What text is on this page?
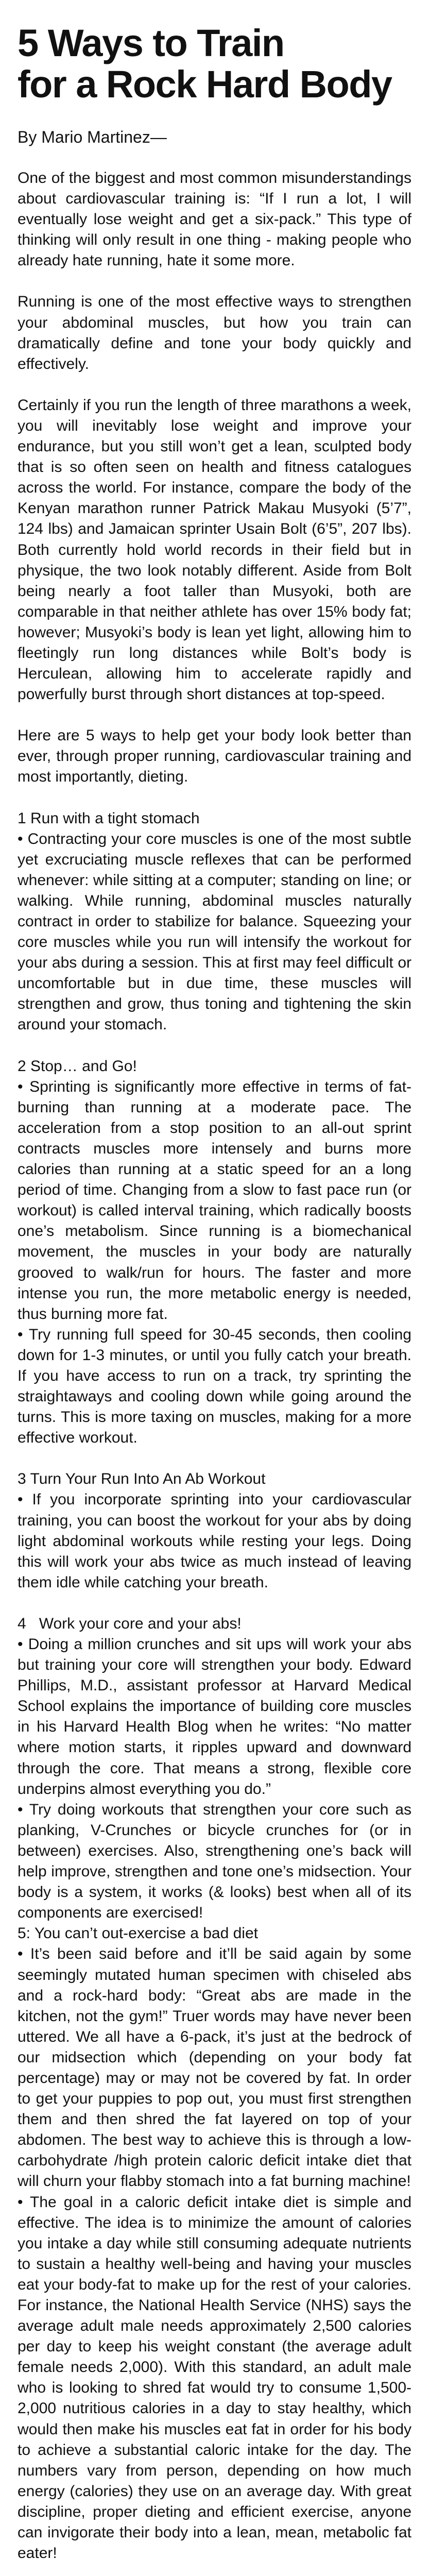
5 Ways to Train
for a Rock Hard Body

By Mario Martinez—

One of the biggest and most common misunderstandings about cardiovascular training is: “If I run a lot, I will eventually lose weight and get a six-pack.” This type of thinking will only result in one thing - making people who already hate running, hate it some more.

Running is one of the most effective ways to strengthen your abdominal muscles, but how you train can dramatically define and tone your body quickly and effectively.

Certainly if you run the length of three marathons a week, you will inevitably lose weight and improve your endurance, but you still won’t get a lean, sculpted body that is so often seen on health and fitness catalogues across the world. For instance, compare the body of the Kenyan marathon runner Patrick Makau Musyoki (5’7”, 124 lbs) and Jamaican sprinter Usain Bolt (6’5”, 207 lbs). Both currently hold world records in their field but in physique, the two look notably different. Aside from Bolt being nearly a foot taller than Musyoki, both are comparable in that neither athlete has over 15% body fat; however; Musyoki’s body is lean yet light, allowing him to fleetingly run long distances while Bolt’s body is Herculean, allowing him to accelerate rapidly and powerfully burst through short distances at top-speed.

Here are 5 ways to help get your body look better than ever, through proper running, cardiovascular training and most importantly, dieting.

1 Run with a tight stomach

• Contracting your core muscles is one of the most subtle yet excruciating muscle reflexes that can be performed whenever: while sitting at a computer; standing on line; or walking. While running, abdominal muscles naturally contract in order to stabilize for balance. Squeezing your core muscles while you run will intensify the workout for your abs during a session. This at first may feel difficult or uncomfortable but in due time, these muscles will strengthen and grow, thus toning and tightening the skin around your stomach.

2 Stop… and Go!

• Sprinting is significantly more effective in terms of fat-burning than running at a moderate pace. The acceleration from a stop position to an all-out sprint contracts muscles more intensely and burns more calories than running at a static speed for an a long period of time. Changing from a slow to fast pace run (or workout) is called interval training, which radically boosts one’s metabolism. Since running is a biomechanical movement, the muscles in your body are naturally grooved to walk/run for hours. The faster and more intense you run, the more metabolic energy is needed, thus burning more fat.

• Try running full speed for 30-45 seconds, then cooling down for 1-3 minutes, or until you fully catch your breath. If you have access to run on a track, try sprinting the straightaways and cooling down while going around the turns. This is more taxing on muscles, making for a more effective workout.

3 Turn Your Run Into An Ab Workout

• If you incorporate sprinting into your cardiovascular training, you can boost the workout for your abs by doing light abdominal workouts while resting your legs. Doing this will work your abs twice as much instead of leaving them idle while catching your breath.

4   Work your core and your abs!

• Doing a million crunches and sit ups will work your abs but training your core will strengthen your body. Edward Phillips, M.D., assistant professor at Harvard Medical School explains the importance of building core muscles in his Harvard Health Blog when he writes: “No matter where motion starts, it ripples upward and downward through the core. That means a strong, flexible core underpins almost everything you do.”

• Try doing workouts that strengthen your core such as planking, V-Crunches or bicycle crunches for (or in between) exercises. Also, strengthening one’s back will help improve, strengthen and tone one’s midsection. Your body is a system, it works (& looks) best when all of its components are exercised!

5: You can’t out-exercise a bad diet

• It’s been said before and it’ll be said again by some seemingly mutated human specimen with chiseled abs and a rock-hard body: “Great abs are made in the kitchen, not the gym!” Truer words may have never been uttered. We all have a 6-pack, it’s just at the bedrock of our midsection which (depending on your body fat percentage) may or may not be covered by fat. In order to get your puppies to pop out, you must first strengthen them and then shred the fat layered on top of your abdomen. The best way to achieve this is through a low-carbohydrate /high protein caloric deficit intake diet that will churn your flabby stomach into a fat burning machine!

• The goal in a caloric deficit intake diet is simple and effective. The idea is to minimize the amount of calories you intake a day while still consuming adequate nutrients to sustain a healthy well-being and having your muscles eat your body-fat to make up for the rest of your calories. For instance, the National Health Service (NHS) says the average adult male needs approximately 2,500 calories per day to keep his weight constant (the average adult female needs 2,000). With this standard, an adult male who is looking to shred fat would try to consume 1,500-2,000 nutritious calories in a day to stay healthy, which would then make his muscles eat fat in order for his body to achieve a substantial caloric intake for the day. The numbers vary from person, depending on how much energy (calories) they use on an average day. With great discipline, proper dieting and efficient exercise, anyone can invigorate their body into a lean, mean, metabolic fat eater!
